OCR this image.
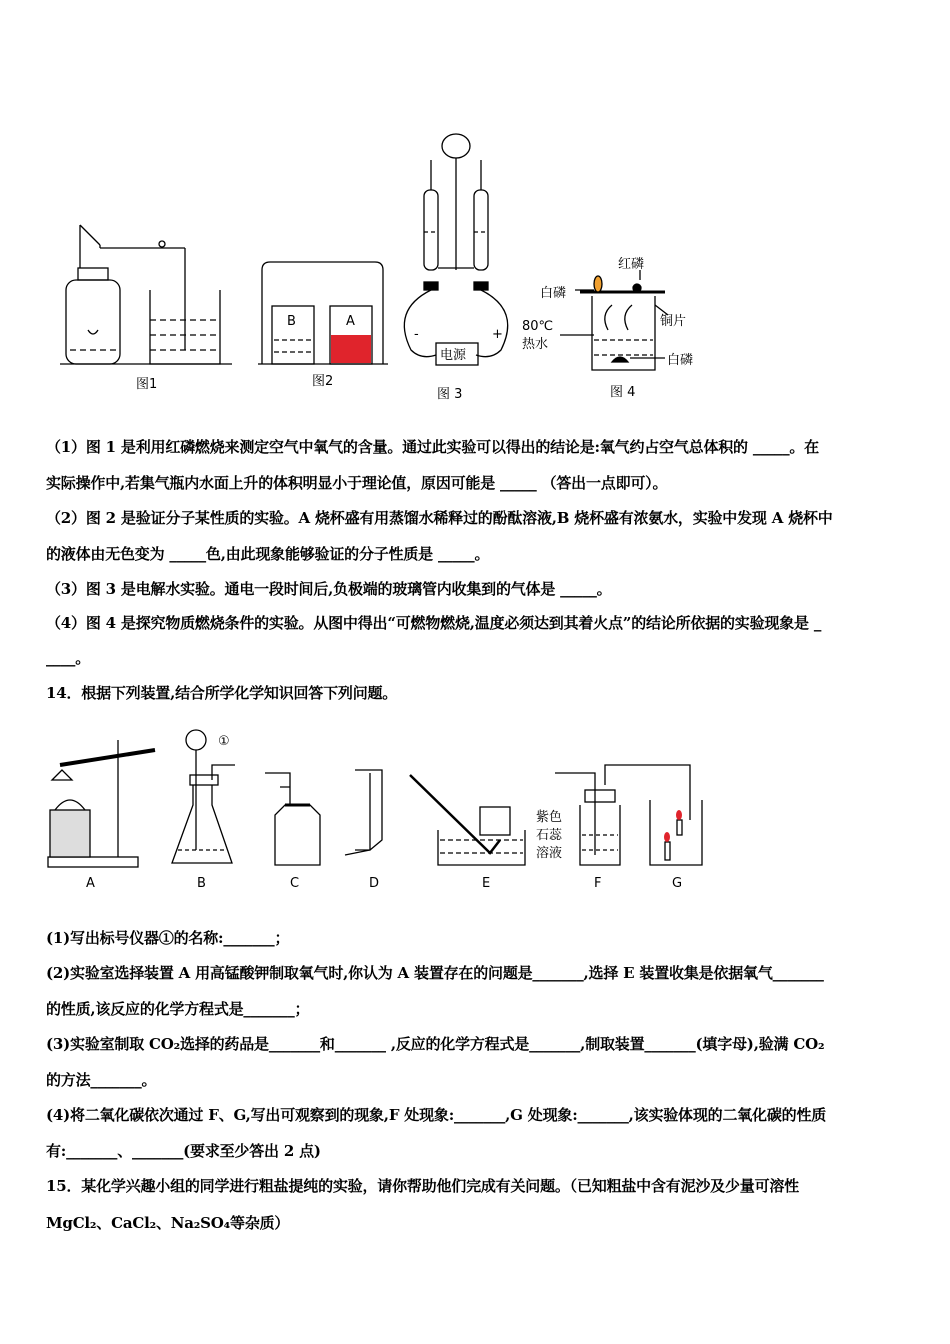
图1
B	A
图2
电源
-	+
图 3
红磷
白磷
铜片
80℃
热水
白磷
图 4
（1）图 1 是利用红磷燃烧来测定空气中氧气的含量。通过此实验可以得出的结论是:氧气约占空气总体积的 _____。在
实际操作中,若集气瓶内水面上升的体积明显小于理论值，原因可能是 _____ （答出一点即可）。
（2）图 2 是验证分子某性质的实验。A 烧杯盛有用蒸馏水稀释过的酚酞溶液,B 烧杯盛有浓氨水，实验中发现 A 烧杯中
的液体由无色变为 _____色,由此现象能够验证的分子性质是 _____。
（3）图 3 是电解水实验。通电一段时间后,负极端的玻璃管内收集到的气体是 _____。
（4）图 4 是探究物质燃烧条件的实验。从图中得出“可燃物燃烧,温度必须达到其着火点”的结论所依据的实验现象是 _
____。
14．根据下列装置,结合所学化学知识回答下列问题。
①
紫色
石蕊
溶液
A	B	C	D	E	F	G
(1)写出标号仪器①的名称:_______；
(2)实验室选择装置 A 用高锰酸钾制取氧气时,你认为 A 装置存在的问题是_______,选择 E 装置收集是依据氧气_______
的性质,该反应的化学方程式是_______；
(3)实验室制取 CO₂选择的药品是_______和_______ ,反应的化学方程式是_______,制取装置_______(填字母),验满 CO₂
的方法_______。
(4)将二氧化碳依次通过 F、G,写出可观察到的现象,F 处现象:_______,G 处现象:_______,该实验体现的二氧化碳的性质
有:_______、_______(要求至少答出 2 点)
15．某化学兴趣小组的同学进行粗盐提纯的实验，请你帮助他们完成有关问题。（已知粗盐中含有泥沙及少量可溶性
MgCl₂、CaCl₂、Na₂SO₄等杂质）
